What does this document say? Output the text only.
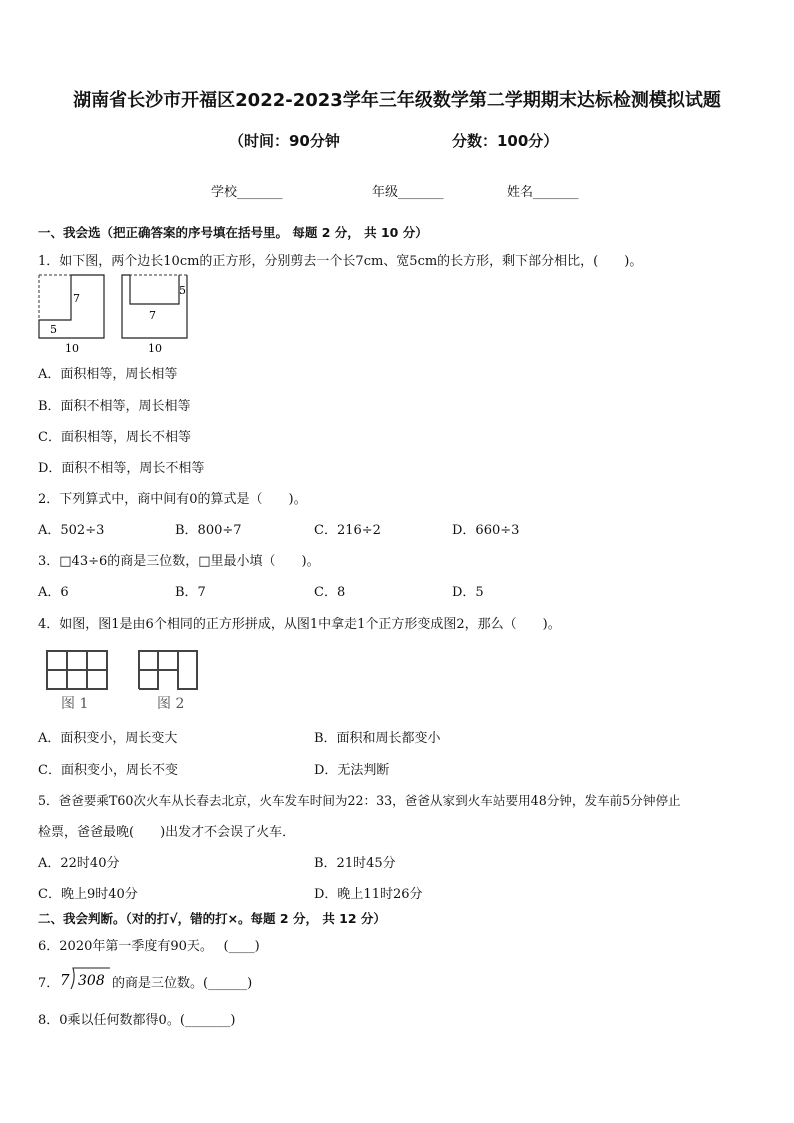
湖南省长沙市开福区2022-2023学年三年级数学第二学期期末达标检测模拟试题
（时间：90分钟	分数：100分）
学校_______	年级_______	姓名_______
一、我会选（把正确答案的序号填在括号里。 每题 2 分， 共 10 分）
1．如下图，两个边长10cm的正方形，分别剪去一个长7cm、宽5cm的长方形，剩下部分相比，(　　)。
7
5
10
5
7
10
A．面积相等，周长相等
B．面积不相等，周长相等
C．面积相等，周长不相等
D．面积不相等，周长不相等
2．下列算式中，商中间有0的算式是（　　)。
A．502÷3	B．800÷7	C．216÷2	D．660÷3
3．□43÷6的商是三位数，□里最小填（　　)。
A．6	B．7	C．8	D．5
4．如图，图1是由6个相同的正方形拼成，从图1中拿走1个正方形变成图2，那么（　　)。
图 1	图 2
A．面积变小，周长变大	B．面积和周长都变小
C．面积变小，周长不变	D．无法判断
5．爸爸要乘T60次火车从长春去北京，火车发车时间为22：33，爸爸从家到火车站要用48分钟，发车前5分钟停止
检票，爸爸最晚(　　)出发才不会误了火车．
A．22时40分	B．21时45分
C．晚上9时40分	D．晚上11时26分
二、我会判断。（对的打√，错的打×。每题 2 分， 共 12 分）
6．2020年第一季度有90天。　 (____)
7． 7 308 的商是三位数。(______)
8．0乘以任何数都得0。(_______)
